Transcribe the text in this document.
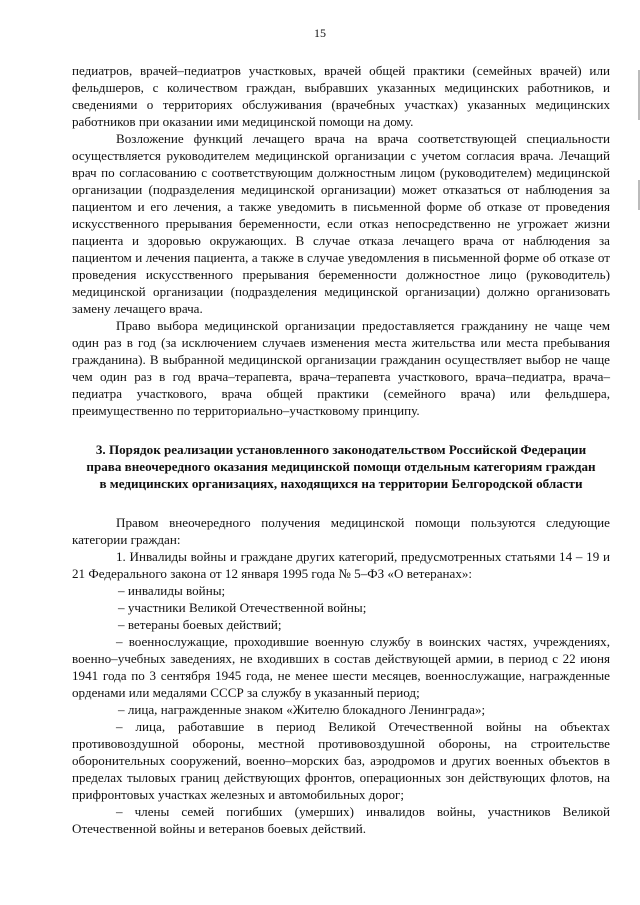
15

педиатров, врачей–педиатров участковых, врачей общей практики (семейных врачей) или фельдшеров, с количеством граждан, выбравших указанных медицинских работников, и сведениями о территориях обслуживания (врачебных участках) указанных медицинских работников при оказании ими медицинской помощи на дому.

Возложение функций лечащего врача на врача соответствующей специальности осуществляется руководителем медицинской организации с учетом согласия врача. Лечащий врач по согласованию с соответствующим должностным лицом (руководителем) медицинской организации (подразделения медицинской организации) может отказаться от наблюдения за пациентом и его лечения, а также уведомить в письменной форме об отказе от проведения искусственного прерывания беременности, если отказ непосредственно не угрожает жизни пациента и здоровью окружающих. В случае отказа лечащего врача от наблюдения за пациентом и лечения пациента, а также в случае уведомления в письменной форме об отказе от проведения искусственного прерывания беременности должностное лицо (руководитель) медицинской организации (подразделения медицинской организации) должно организовать замену лечащего врача.

Право выбора медицинской организации предоставляется гражданину не чаще чем один раз в год (за исключением случаев изменения места жительства или места пребывания гражданина). В выбранной медицинской организации гражданин осуществляет выбор не чаще чем один раз в год врача–терапевта, врача–терапевта участкового, врача–педиатра, врача–педиатра участкового, врача общей практики (семейного врача) или фельдшера, преимущественно по территориально–участковому принципу.

3. Порядок реализации установленного законодательством Российской Федерации права внеочередного оказания медицинской помощи отдельным категориям граждан в медицинских организациях, находящихся на территории Белгородской области

Правом внеочередного получения медицинской помощи пользуются следующие категории граждан:

1. Инвалиды войны и граждане других категорий, предусмотренных статьями 14 – 19 и 21 Федерального закона от 12 января 1995 года № 5–ФЗ «О ветеранах»:

– инвалиды войны;

– участники Великой Отечественной войны;

– ветераны боевых действий;

– военнослужащие, проходившие военную службу в воинских частях, учреждениях, военно–учебных заведениях, не входивших в состав действующей армии, в период с 22 июня 1941 года по 3 сентября 1945 года, не менее шести месяцев, военнослужащие, награжденные орденами или медалями СССР за службу в указанный период;

– лица, награжденные знаком «Жителю блокадного Ленинграда»;

– лица, работавшие в период Великой Отечественной войны на объектах противовоздушной обороны, местной противовоздушной обороны, на строительстве оборонительных сооружений, военно–морских баз, аэродромов и других военных объектов в пределах тыловых границ действующих фронтов, операционных зон действующих флотов, на прифронтовых участках железных и автомобильных дорог;

– члены семей погибших (умерших) инвалидов войны, участников Великой Отечественной войны и ветеранов боевых действий.
